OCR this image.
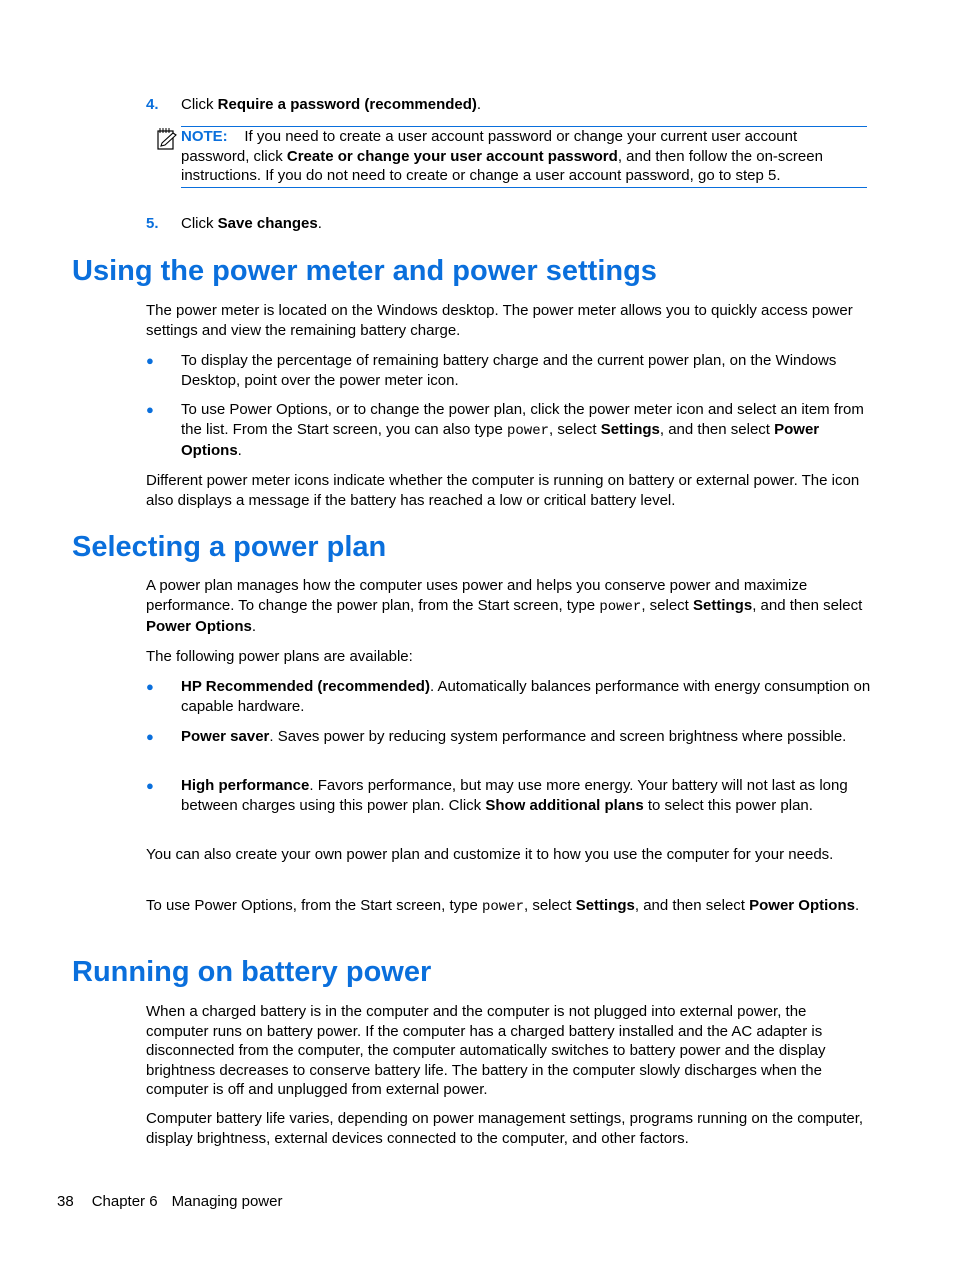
4. Click Require a password (recommended).

NOTE: If you need to create a user account password or change your current user account password, click Create or change your user account password, and then follow the on-screen instructions. If you do not need to create or change a user account password, go to step 5.

5. Click Save changes.

Using the power meter and power settings

The power meter is located on the Windows desktop. The power meter allows you to quickly access power settings and view the remaining battery charge.

● To display the percentage of remaining battery charge and the current power plan, on the Windows Desktop, point over the power meter icon.

● To use Power Options, or to change the power plan, click the power meter icon and select an item from the list. From the Start screen, you can also type power, select Settings, and then select Power Options.

Different power meter icons indicate whether the computer is running on battery or external power. The icon also displays a message if the battery has reached a low or critical battery level.

Selecting a power plan

A power plan manages how the computer uses power and helps you conserve power and maximize performance. To change the power plan, from the Start screen, type power, select Settings, and then select Power Options.

The following power plans are available:

● HP Recommended (recommended). Automatically balances performance with energy consumption on capable hardware.

● Power saver. Saves power by reducing system performance and screen brightness where possible.

● High performance. Favors performance, but may use more energy. Your battery will not last as long between charges using this power plan. Click Show additional plans to select this power plan.

You can also create your own power plan and customize it to how you use the computer for your needs.

To use Power Options, from the Start screen, type power, select Settings, and then select Power Options.

Running on battery power

When a charged battery is in the computer and the computer is not plugged into external power, the computer runs on battery power. If the computer has a charged battery installed and the AC adapter is disconnected from the computer, the computer automatically switches to battery power and the display brightness decreases to conserve battery life. The battery in the computer slowly discharges when the computer is off and unplugged from external power.

Computer battery life varies, depending on power management settings, programs running on the computer, display brightness, external devices connected to the computer, and other factors.

38 Chapter 6 Managing power
